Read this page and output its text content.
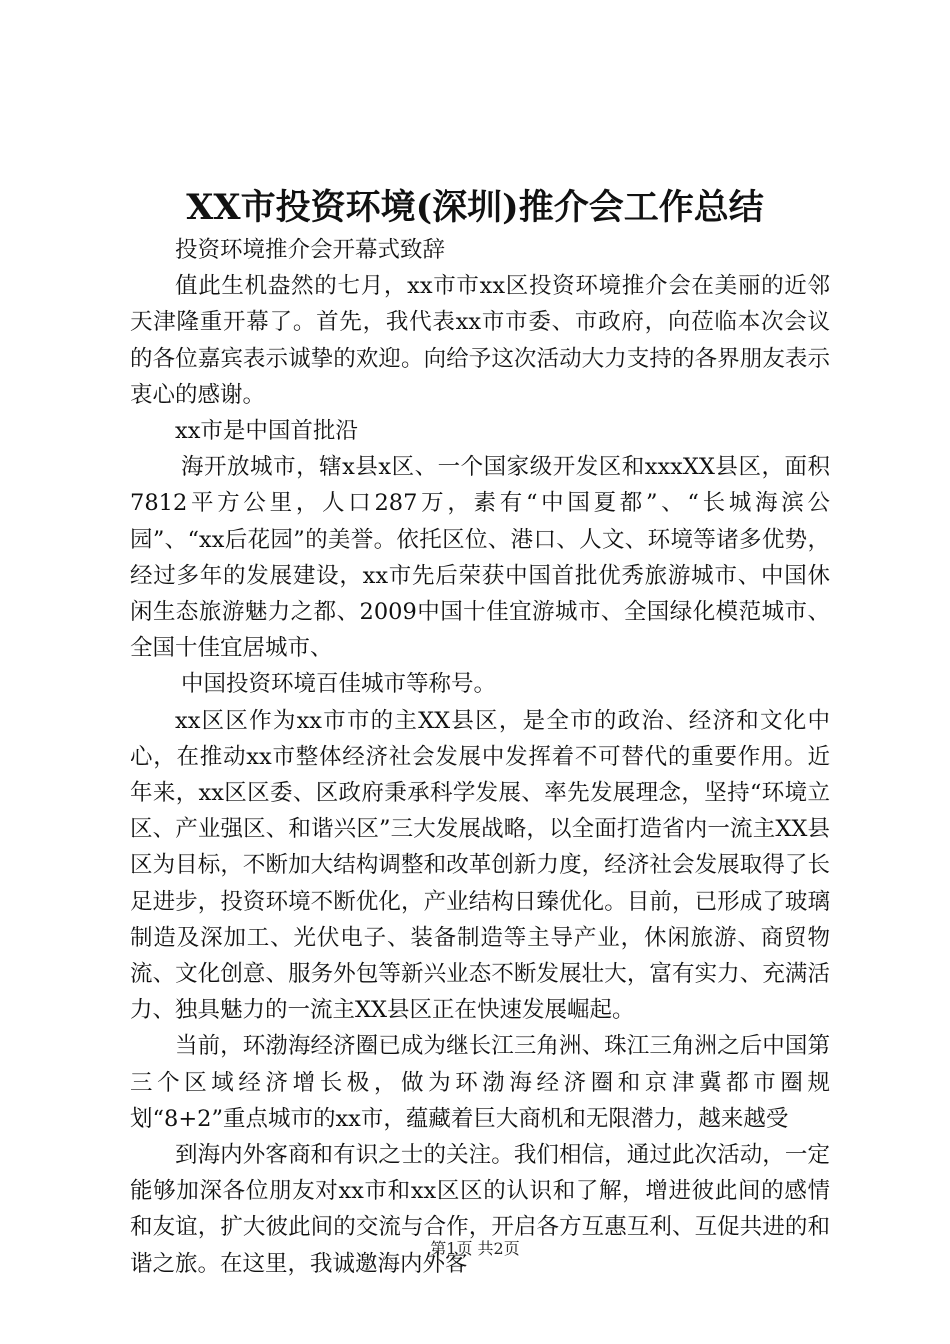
XX市投资环境(深圳)推介会工作总结

投资环境推介会开幕式致辞

值此生机盎然的七月，xx市市xx区投资环境推介会在美丽的近邻天津隆重开幕了。首先，我代表xx市市委、市政府，向莅临本次会议的各位嘉宾表示诚挚的欢迎。向给予这次活动大力支持的各界朋友表示衷心的感谢。

xx市是中国首批沿

海开放城市，辖x县x区、一个国家级开发区和xxxXX县区，面积7812平方公里，人口287万，素有“中国夏都”、“长城海滨公园”、“xx后花园”的美誉。依托区位、港口、人文、环境等诸多优势，经过多年的发展建设，xx市先后荣获中国首批优秀旅游城市、中国休闲生态旅游魅力之都、2009中国十佳宜游城市、全国绿化模范城市、全国十佳宜居城市、

中国投资环境百佳城市等称号。

xx区区作为xx市市的主XX县区，是全市的政治、经济和文化中心，在推动xx市整体经济社会发展中发挥着不可替代的重要作用。近年来，xx区区委、区政府秉承科学发展、率先发展理念，坚持“环境立区、产业强区、和谐兴区”三大发展战略，以全面打造省内一流主XX县区为目标，不断加大结构调整和改革创新力度，经济社会发展取得了长足进步，投资环境不断优化，产业结构日臻优化。目前，已形成了玻璃制造及深加工、光伏电子、装备制造等主导产业，休闲旅游、商贸物流、文化创意、服务外包等新兴业态不断发展壮大，富有实力、充满活力、独具魅力的一流主XX县区正在快速发展崛起。

当前，环渤海经济圈已成为继长江三角洲、珠江三角洲之后中国第三个区域经济增长极，做为环渤海经济圈和京津冀都市圈规划“8+2”重点城市的xx市，蕴藏着巨大商机和无限潜力，越来越受

到海内外客商和有识之士的关注。我们相信，通过此次活动，一定能够加深各位朋友对xx市和xx区区的认识和了解，增进彼此间的感情和友谊，扩大彼此间的交流与合作，开启各方互惠互利、互促共进的和谐之旅。在这里，我诚邀海内外客

第1页 共2页
